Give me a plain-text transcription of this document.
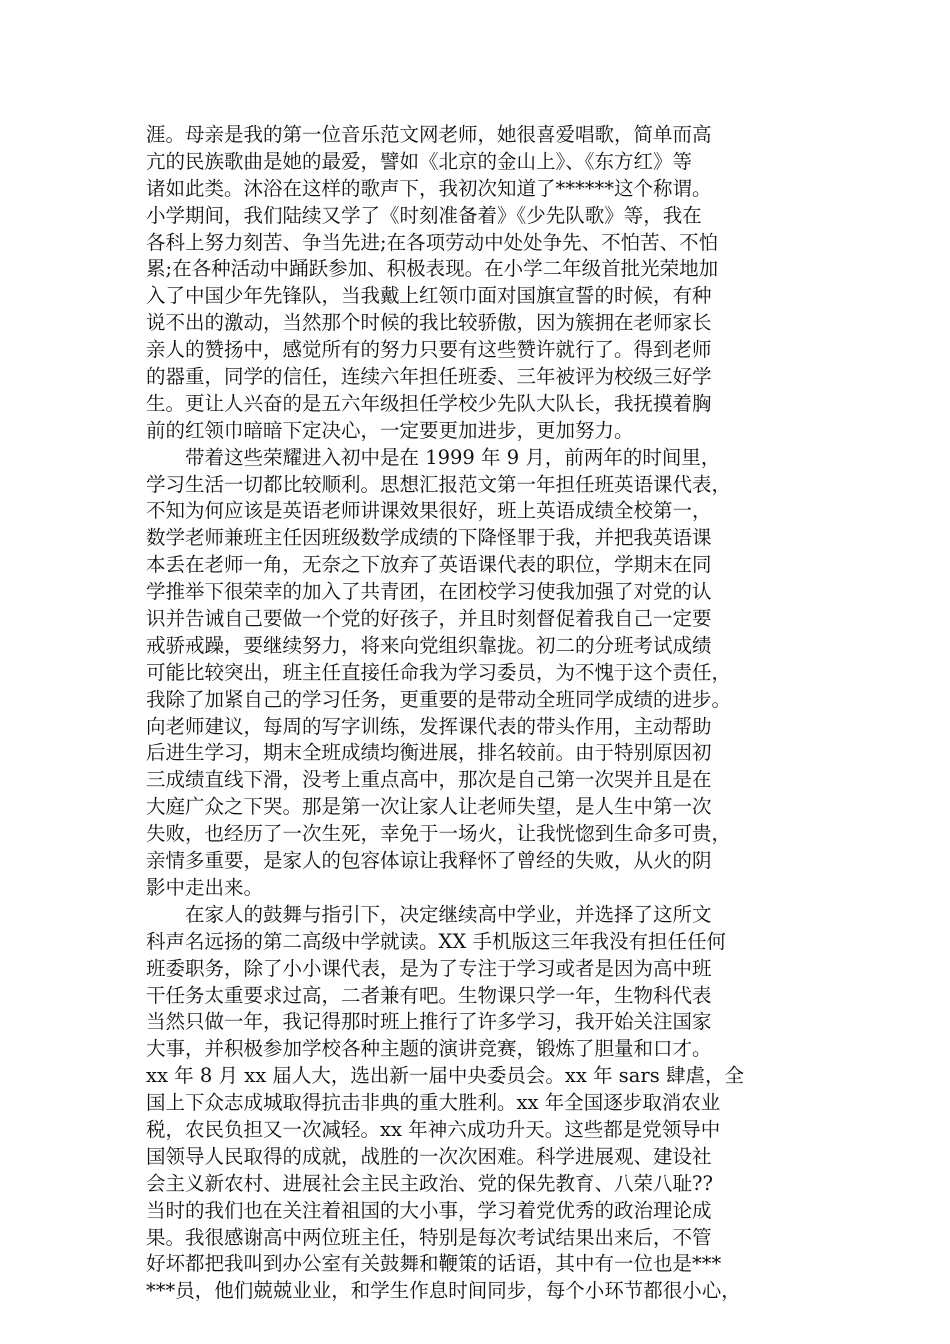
涯。母亲是我的第一位音乐范文网老师，她很喜爱唱歌，简单而高
亢的民族歌曲是她的最爱，譬如《北京的金山上》、《东方红》等
诸如此类。沐浴在这样的歌声下，我初次知道了******这个称谓。
小学期间，我们陆续又学了《时刻准备着》《少先队歌》等，我在
各科上努力刻苦、争当先进;在各项劳动中处处争先、不怕苦、不怕
累;在各种活动中踊跃参加、积极表现。在小学二年级首批光荣地加
入了中国少年先锋队，当我戴上红领巾面对国旗宣誓的时候，有种
说不出的激动，当然那个时候的我比较骄傲，因为簇拥在老师家长
亲人的赞扬中，感觉所有的努力只要有这些赞许就行了。得到老师
的器重，同学的信任，连续六年担任班委、三年被评为校级三好学
生。更让人兴奋的是五六年级担任学校少先队大队长，我抚摸着胸
前的红领巾暗暗下定决心，一定要更加进步，更加努力。
　　带着这些荣耀进入初中是在 1999 年 9 月，前两年的时间里，
学习生活一切都比较顺利。思想汇报范文第一年担任班英语课代表，
不知为何应该是英语老师讲课效果很好，班上英语成绩全校第一，
数学老师兼班主任因班级数学成绩的下降怪罪于我，并把我英语课
本丢在老师一角，无奈之下放弃了英语课代表的职位，学期末在同
学推举下很荣幸的加入了共青团，在团校学习使我加强了对党的认
识并告诫自己要做一个党的好孩子，并且时刻督促着我自己一定要
戒骄戒躁，要继续努力，将来向党组织靠拢。初二的分班考试成绩
可能比较突出，班主任直接任命我为学习委员，为不愧于这个责任，
我除了加紧自己的学习任务，更重要的是带动全班同学成绩的进步。
向老师建议，每周的写字训练，发挥课代表的带头作用，主动帮助
后进生学习，期末全班成绩均衡进展，排名较前。由于特别原因初
三成绩直线下滑，没考上重点高中，那次是自己第一次哭并且是在
大庭广众之下哭。那是第一次让家人让老师失望，是人生中第一次
失败，也经历了一次生死，幸免于一场火，让我恍惚到生命多可贵，
亲情多重要，是家人的包容体谅让我释怀了曾经的失败，从火的阴
影中走出来。
　　在家人的鼓舞与指引下，决定继续高中学业，并选择了这所文
科声名远扬的第二高级中学就读。XX 手机版这三年我没有担任任何
班委职务，除了小小课代表，是为了专注于学习或者是因为高中班
干任务太重要求过高，二者兼有吧。生物课只学一年，生物科代表
当然只做一年，我记得那时班上推行了许多学习，我开始关注国家
大事，并积极参加学校各种主题的演讲竞赛，锻炼了胆量和口才。
xx 年 8 月 xx 届人大，选出新一届中央委员会。xx 年 sars 肆虐，全
国上下众志成城取得抗击非典的重大胜利。xx 年全国逐步取消农业
税，农民负担又一次减轻。xx 年神六成功升天。这些都是党领导中
国领导人民取得的成就，战胜的一次次困难。科学进展观、建设社
会主义新农村、进展社会主民主政治、党的保先教育、八荣八耻??
当时的我们也在关注着祖国的大小事，学习着党优秀的政治理论成
果。我很感谢高中两位班主任，特别是每次考试结果出来后，不管
好坏都把我叫到办公室有关鼓舞和鞭策的话语，其中有一位也是***
***员，他们兢兢业业，和学生作息时间同步，每个小环节都很小心，
